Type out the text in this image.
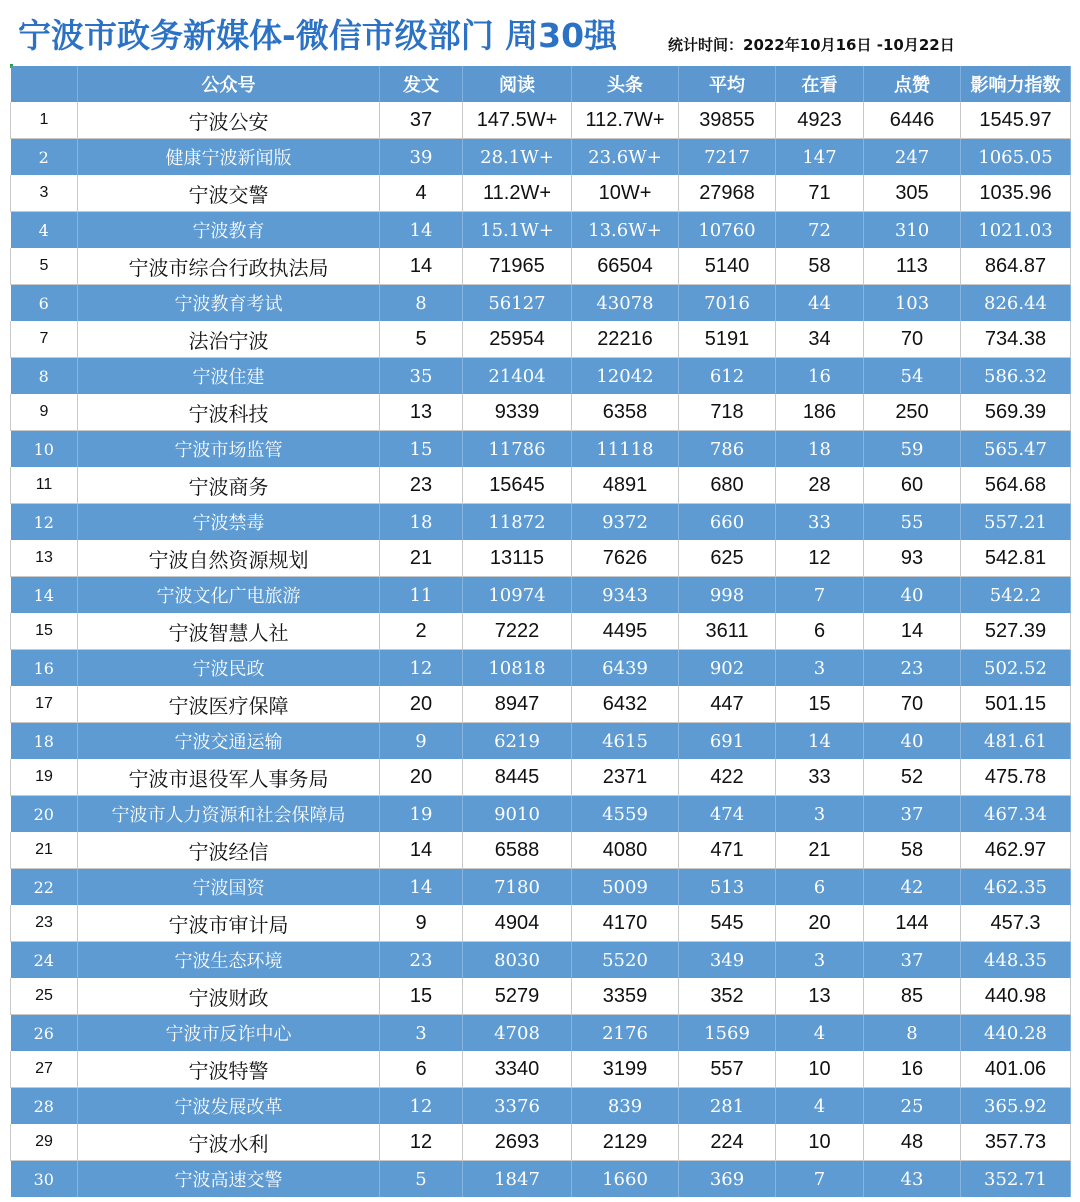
宁波市政务新媒体-微信市级部门 周30强	统计时间：2022年10月16日 -10月22日
	公众号	发文	阅读	头条	平均	在看	点赞	影响力指数
1	宁波公安	37	147.5W+	112.7W+	39855	4923	6446	1545.97
2	健康宁波新闻版	39	28.1W+	23.6W+	7217	147	247	1065.05
3	宁波交警	4	11.2W+	10W+	27968	71	305	1035.96
4	宁波教育	14	15.1W+	13.6W+	10760	72	310	1021.03
5	宁波市综合行政执法局	14	71965	66504	5140	58	113	864.87
6	宁波教育考试	8	56127	43078	7016	44	103	826.44
7	法治宁波	5	25954	22216	5191	34	70	734.38
8	宁波住建	35	21404	12042	612	16	54	586.32
9	宁波科技	13	9339	6358	718	186	250	569.39
10	宁波市场监管	15	11786	11118	786	18	59	565.47
11	宁波商务	23	15645	4891	680	28	60	564.68
12	宁波禁毒	18	11872	9372	660	33	55	557.21
13	宁波自然资源规划	21	13115	7626	625	12	93	542.81
14	宁波文化广电旅游	11	10974	9343	998	7	40	542.2
15	宁波智慧人社	2	7222	4495	3611	6	14	527.39
16	宁波民政	12	10818	6439	902	3	23	502.52
17	宁波医疗保障	20	8947	6432	447	15	70	501.15
18	宁波交通运输	9	6219	4615	691	14	40	481.61
19	宁波市退役军人事务局	20	8445	2371	422	33	52	475.78
20	宁波市人力资源和社会保障局	19	9010	4559	474	3	37	467.34
21	宁波经信	14	6588	4080	471	21	58	462.97
22	宁波国资	14	7180	5009	513	6	42	462.35
23	宁波市审计局	9	4904	4170	545	20	144	457.3
24	宁波生态环境	23	8030	5520	349	3	37	448.35
25	宁波财政	15	5279	3359	352	13	85	440.98
26	宁波市反诈中心	3	4708	2176	1569	4	8	440.28
27	宁波特警	6	3340	3199	557	10	16	401.06
28	宁波发展改革	12	3376	839	281	4	25	365.92
29	宁波水利	12	2693	2129	224	10	48	357.73
30	宁波高速交警	5	1847	1660	369	7	43	352.71
